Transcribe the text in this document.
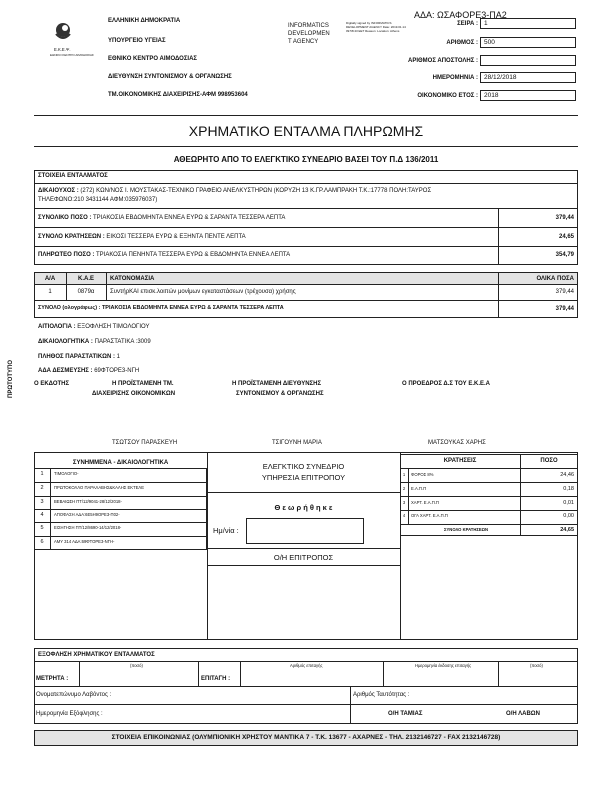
ΑΔΑ: ΩΣΑΦΟΡΕ3-ΠΑ2
Ε.Κ.Ε.Ψ.
ΕΘΝΙΚΟ ΚΕΝΤΡΟ ΑΙΜΟΔΟΣΙΑΣ
ΕΛΛΗΝΙΚΗ ΔΗΜΟΚΡΑΤΙΑ
ΥΠΟΥΡΓΕΙΟ ΥΓΕΙΑΣ
ΕΘΝΙΚΟ ΚΕΝΤΡΟ ΑΙΜΟΔΟΣΙΑΣ
ΔΙΕΥΘΥΝΣΗ ΣΥΝΤΟΝΙΣΜΟΥ & ΟΡΓΑΝΩΣΗΣ
ΤΜ.ΟΙΚΟΝΟΜΙΚΗΣ ΔΙΑΧΕΙΡΙΣΗΣ-ΑΦΜ 998953604
INFORMATICS
DEVELOPMEN
T AGENCY
Digitally signed by INFORMATICS DEVELOPMENT AGENCY Date: 2019.01.14 09:58:43 EET Reason: Location: Athens
ΣΕΙΡΑ : 1
ΑΡΙΘΜΟΣ : 500
ΑΡΙΘΜΟΣ ΑΠΟΣΤΟΛΗΣ :
ΗΜΕΡΟΜΗΝΙΑ : 28/12/2018
ΟΙΚΟΝΟΜΙΚΟ ΕΤΟΣ : 2018
ΧΡΗΜΑΤΙΚΟ ΕΝΤΑΛΜΑ ΠΛΗΡΩΜΗΣ
ΑΘΕΩΡΗΤΟ ΑΠΟ ΤΟ ΕΛΕΓΚΤΙΚΟ ΣΥΝΕΔΡΙΟ ΒΑΣΕΙ ΤΟΥ Π.Δ 136/2011
ΣΤΟΙΧΕΙΑ ΕΝΤΑΛΜΑΤΟΣ
ΔΙΚΑΙΟΥΧΟΣ : (272) ΚΩΝ/ΝΟΣ Ι. ΜΟΥΣΤΑΚΑΣ-ΤΕΧΝΙΚΟ ΓΡΑΦΕΙΟ ΑΝΕΛΚΥΣΤΗΡΩΝ (ΚΟΡΥΖΗ 13 Κ.ΓΡ.ΛΑΜΠΡΑΚΗ Τ.Κ.:17778 ΠΟΛΗ:ΤΑΥΡΟΣ
ΤΗΛΕΦΩΝΟ:210 3431144 ΑΦΜ:035976037)
ΣΥΝΟΛΙΚΟ ΠΟΣΟ : ΤΡΙΑΚΟΣΙΑ ΕΒΔΟΜΗΝΤΑ ΕΝΝΕΑ ΕΥΡΩ & ΣΑΡΑΝΤΑ ΤΕΣΣΕΡΑ ΛΕΠΤΑ	379,44
ΣΥΝΟΛΟ ΚΡΑΤΗΣΕΩΝ : ΕΙΚΟΣΙ ΤΕΣΣΕΡΑ ΕΥΡΩ & ΕΞΗΝΤΑ ΠΕΝΤΕ ΛΕΠΤΑ	24,65
ΠΛΗΡΩΤΕΟ ΠΟΣΟ : ΤΡΙΑΚΟΣΙΑ ΠΕΝΗΝΤΑ ΤΕΣΣΕΡΑ ΕΥΡΩ & ΕΒΔΟΜΗΝΤΑ ΕΝΝΕΑ ΛΕΠΤΑ	354,79
Α/Α	Κ.Α.Ε	ΚΑΤΟΝΟΜΑΣΙΑ	ΟΛΙΚΑ ΠΟΣΑ
1	0879α	ΣυντήρΚΑΙ επισκ.λοιπών μονίμων εγκαταστάσεων (τρέχουσα) χρήσης	379,44
ΣΥΝΟΛΟ (ολογράφως) : ΤΡΙΑΚΟΣΙΑ ΕΒΔΟΜΗΝΤΑ ΕΝΝΕΑ ΕΥΡΩ & ΣΑΡΑΝΤΑ ΤΕΣΣΕΡΑ ΛΕΠΤΑ	379,44
ΑΙΤΙΟΛΟΓΙΑ : ΕΞΟΦΛΗΣΗ ΤΙΜΟΛΟΓΙΟΥ
ΔΙΚΑΙΟΛΟΓΗΤΙΚΑ : ΠΑΡΑΣΤΑΤΙΚΑ :3009
ΠΛΗΘΟΣ ΠΑΡΑΣΤΑΤΙΚΩΝ : 1
ΑΔΑ ΔΕΣΜΕΥΣΗΣ : 69ΦΤΟΡΕ3-ΝΓΗ
ΠΡΩΤΟΤΥΠΟ	Ο ΕΚΔΟΤΗΣ	Η ΠΡΟΪΣΤΑΜΕΝΗ ΤΜ.
ΔΙΑΧΕΙΡΙΣΗΣ ΟΙΚΟΝΟΜΙΚΩΝ
Η ΠΡΟΪΣΤΑΜΕΝΗ ΔΙΕΥΘΥΝΣΗΣ
ΣΥΝΤΟΝΙΣΜΟΥ & ΟΡΓΑΝΩΣΗΣ
Ο ΠΡΟΕΔΡΟΣ Δ.Σ ΤΟΥ Ε.Κ.Ε.Α
ΤΣΩΤΣΟΥ ΠΑΡΑΣΚΕΥΗ	ΤΣΙΓΟΥΝΗ ΜΑΡΙΑ	ΜΑΤΣΟΥΚΑΣ ΧΑΡΗΣ
ΣΥΝΗΜΜΕΝΑ - ΔΙΚΑΙΟΛΟΓΗΤΙΚΑ
1	ΤΙΜΟΛΟΓΙΟ-
2	ΠΡΩΤΟΚΟΛΛΟ ΠΑΡΑΛΑΒΗΣ&ΚΑΛΗΣ ΕΚΤΕΛΕ
3	ΒΕΒΑΙΩΣΗ ΠΤ/12/9041-28/12/2018-
4	ΑΠΟΦΑΣΗ ΑΔΑ:6Ε5Η9ΟΡΕ3-Π02-
5	ΕΙΣΗΓΗΣΗ ΠΤ/12/8690-14/12/2018-
6	ΑΜΥ 314 ΑΔΑ:69ΦΤΟΡΕ3-ΝΓΗ-
ΕΛΕΓΚΤΙΚΟ ΣΥΝΕΔΡΙΟ
ΥΠΗΡΕΣΙΑ ΕΠΙΤΡΟΠΟΥ
Θ ε ω ρ ή θ η κ ε
Ημ/νία :
Ο/Η ΕΠΙΤΡΟΠΟΣ
ΚΡΑΤΗΣΕΙΣ	ΠΟΣΟ
1	ΦΟΡΟΣ 8%	24,46
2	Ε.Α.Π.Π	0,18
3	ΧΑΡΤ. Ε.Α.Π.Π	0,01
4	ΟΓΑ ΧΑΡΤ. Ε.Α.Π.Π	0,00
ΣΥΝΟΛΟ ΚΡΑΤΗΣΕΩΝ	24,65
ΕΞΟΦΛΗΣΗ ΧΡΗΜΑΤΙΚΟΥ ΕΝΤΑΛΜΑΤΟΣ
(ποσό)	Αριθμός επιταγής	Ημερομηνία έκδοσης επιταγής	(ποσό)
ΜΕΤΡΗΤΑ :	ΕΠΙΤΑΓΗ :
Ονοματεπώνυμο Λαβόντος :	Αριθμός Ταυτότητας :
Ημερομηνία Εξόφλησης :	Ο/Η ΤΑΜΙΑΣ	Ο/Η ΛΑΒΩΝ
ΣΤΟΙΧΕΙΑ ΕΠΙΚΟΙΝΩΝΙΑΣ (ΟΛΥΜΠΙΟΝΙΚΗ ΧΡΗΣΤΟΥ ΜΑΝΤΙΚΑ 7 - Τ.Κ. 13677 - ΑΧΑΡΝΕΣ - ΤΗΛ. 2132146727 - FAX 2132146728)
